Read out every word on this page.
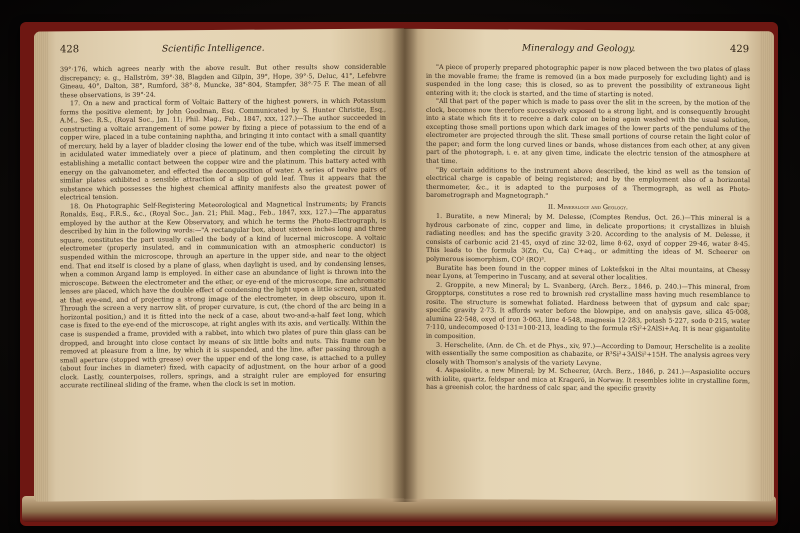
428	Scientific Intelligence.

39°·176, which agrees nearly with the above result. But other results show considerable discrepancy; e. g., Hallström, 39°·38, Blagden and Gilpin, 39°, Hope, 39°·5, Deluc, 41°, Lefebvre Gineau, 40°, Dalton, 38°, Rumford, 38°·8, Muncke, 38°·804, Stampfer, 38°·75 F. The mean of all these observations, is 39°·24.

17. On a new and practical form of Voltaic Battery of the highest powers, in which Potassium forms the positive element; by John Goodman, Esq. Communicated by S. Hunter Christie, Esq., A.M., Sec. R.S., (Royal Soc., Jan. 11; Phil. Mag., Feb., 1847, xxx, 127.)—The author succeeded in constructing a voltaic arrangement of some power by fixing a piece of potassium to the end of a copper wire, placed in a tube containing naphtha, and bringing it into contact with a small quantity of mercury, held by a layer of bladder closing the lower end of the tube, which was itself immersed in acidulated water immediately over a piece of platinum, and then completing the circuit by establishing a metallic contact between the copper wire and the platinum. This battery acted with energy on the galvanometer, and effected the decomposition of water. A series of twelve pairs of similar plates exhibited a sensible attraction of a slip of gold leaf. Thus it appears that the substance which possesses the highest chemical affinity manifests also the greatest power of electrical tension.

18. On Photographic Self-Registering Meteorological and Magnetical Instruments; by Francis Ronalds, Esq., F.R.S., &c., (Royal Soc., Jan. 21; Phil. Mag., Feb., 1847, xxx, 127.)—The apparatus employed by the author at the Kew Observatory, and which he terms the Photo-Electrograph, is described by him in the following words:—"A rectangular box, about sixteen inches long and three square, constitutes the part usually called the body of a kind of lucernal microscope. A voltaic electrometer (properly insulated, and in communication with an atmospheric conductor) is suspended within the microscope, through an aperture in the upper side, and near to the object end. That end itself is closed by a plane of glass, when daylight is used, and by condensing lenses, when a common Argand lamp is employed. In either case an abundance of light is thrown into the microscope. Between the electrometer and the ether, or eye-end of the microscope, fine achromatic lenses are placed, which have the double effect of condensing the light upon a little screen, situated at that eye-end, and of projecting a strong image of the electrometer, in deep obscuro, upon it. Through the screen a very narrow slit, of proper curvature, is cut, (the chord of the arc being in a horizontal position,) and it is fitted into the neck of a case, about two-and-a-half feet long, which case is fixed to the eye-end of the microscope, at right angles with its axis, and vertically. Within the case is suspended a frame, provided with a rabbet, into which two plates of pure thin glass can be dropped, and brought into close contact by means of six little bolts and nuts. This frame can be removed at pleasure from a line, by which it is suspended, and the line, after passing through a small aperture (stopped with grease) over the upper end of the long case, is attached to a pulley (about four inches in diameter) fixed, with capacity of adjustment, on the hour arbor of a good clock. Lastly, counterpoises, rollers, springs, and a straight ruler are employed for ensuring accurate rectilineal sliding of the frame, when the clock is set in motion.

Mineralogy and Geology.	429

"A piece of properly prepared photographic paper is now placed between the two plates of glass in the movable frame; the frame is removed (in a box made purposely for excluding light) and is suspended in the long case; this is closed, so as to prevent the possibility of extraneous light entering with it; the clock is started, and the time of starting is noted.

"All that part of the paper which is made to pass over the slit in the screen, by the motion of the clock, becomes now therefore successively exposed to a strong light, and is consequently brought into a state which fits it to receive a dark color on being again washed with the usual solution, excepting those small portions upon which dark images of the lower parts of the pendulums of the electrometer are projected through the slit. These small portions of course retain the light color of the paper; and form the long curved lines or bands, whose distances from each other, at any given part of the photograph, i. e. at any given time, indicate the electric tension of the atmosphere at that time.

"By certain additions to the instrument above described, the kind as well as the tension of electrical charge is capable of being registered; and by the employment also of a horizontal thermometer, &c., it is adapted to the purposes of a Thermograph, as well as Photo-barometrograph and Magnetograph."

II. Mineralogy and Geology.

1. Buratite, a new Mineral; by M. Delesse, (Comptes Rendus, Oct. 26.)—This mineral is a hydrous carbonate of zinc, copper and lime, in delicate proportions; it crystallizes in bluish radiating needles; and has the specific gravity 3·20. According to the analysis of M. Delesse, it consists of carbonic acid 21·45, oxyd of zinc 32·02, lime 8·62, oxyd of copper 29·46, water 8·45. This leads to the formula 3(Zn, Cu, Ca) C+aq., or admitting the ideas of M. Scheerer on polymerous isomorphism, CO² (RO)³.

Buratite has been found in the copper mines of Loktefskoi in the Altai mountains, at Chessy near Lyons, at Temperino in Tuscany, and at several other localities.

2. Groppite, a new Mineral; by L. Svanberg, (Arch. Berz., 1846, p. 240.)—This mineral, from Gropptorps, constitutes a rose red to brownish red crystalline mass having much resemblance to rosite. The structure is somewhat foliated. Hardness between that of gypsum and calc spar; specific gravity 2·73. It affords water before the blowpipe, and on analysis gave, silica 45·008, alumina 22·548, oxyd of iron 3·063, lime 4·548, magnesia 12·283, potash 5·227, soda 0·215, water 7·110, undecomposed 0·131=100·213, leading to the formula rSi²+2AlSi+Aq. It is near gigantolite in composition.

3. Herschelite, (Ann. de Ch. et de Phys., xiv, 97.)—According to Damour, Herschelite is a zeolite with essentially the same composition as chabazite, or R³Si²+3AlSi²+15H. The analysis agrees very closely with Thomson's analysis of the variety Levyne.

4. Aspasiolite, a new Mineral; by M. Scheerer, (Arch. Berz., 1846, p. 241.)—Aspasiolite occurs with iolite, quartz, feldspar and mica at Kragerö, in Norway. It resembles iolite in crystalline form, has a greenish color, the hardness of calc spar, and the specific gravity
